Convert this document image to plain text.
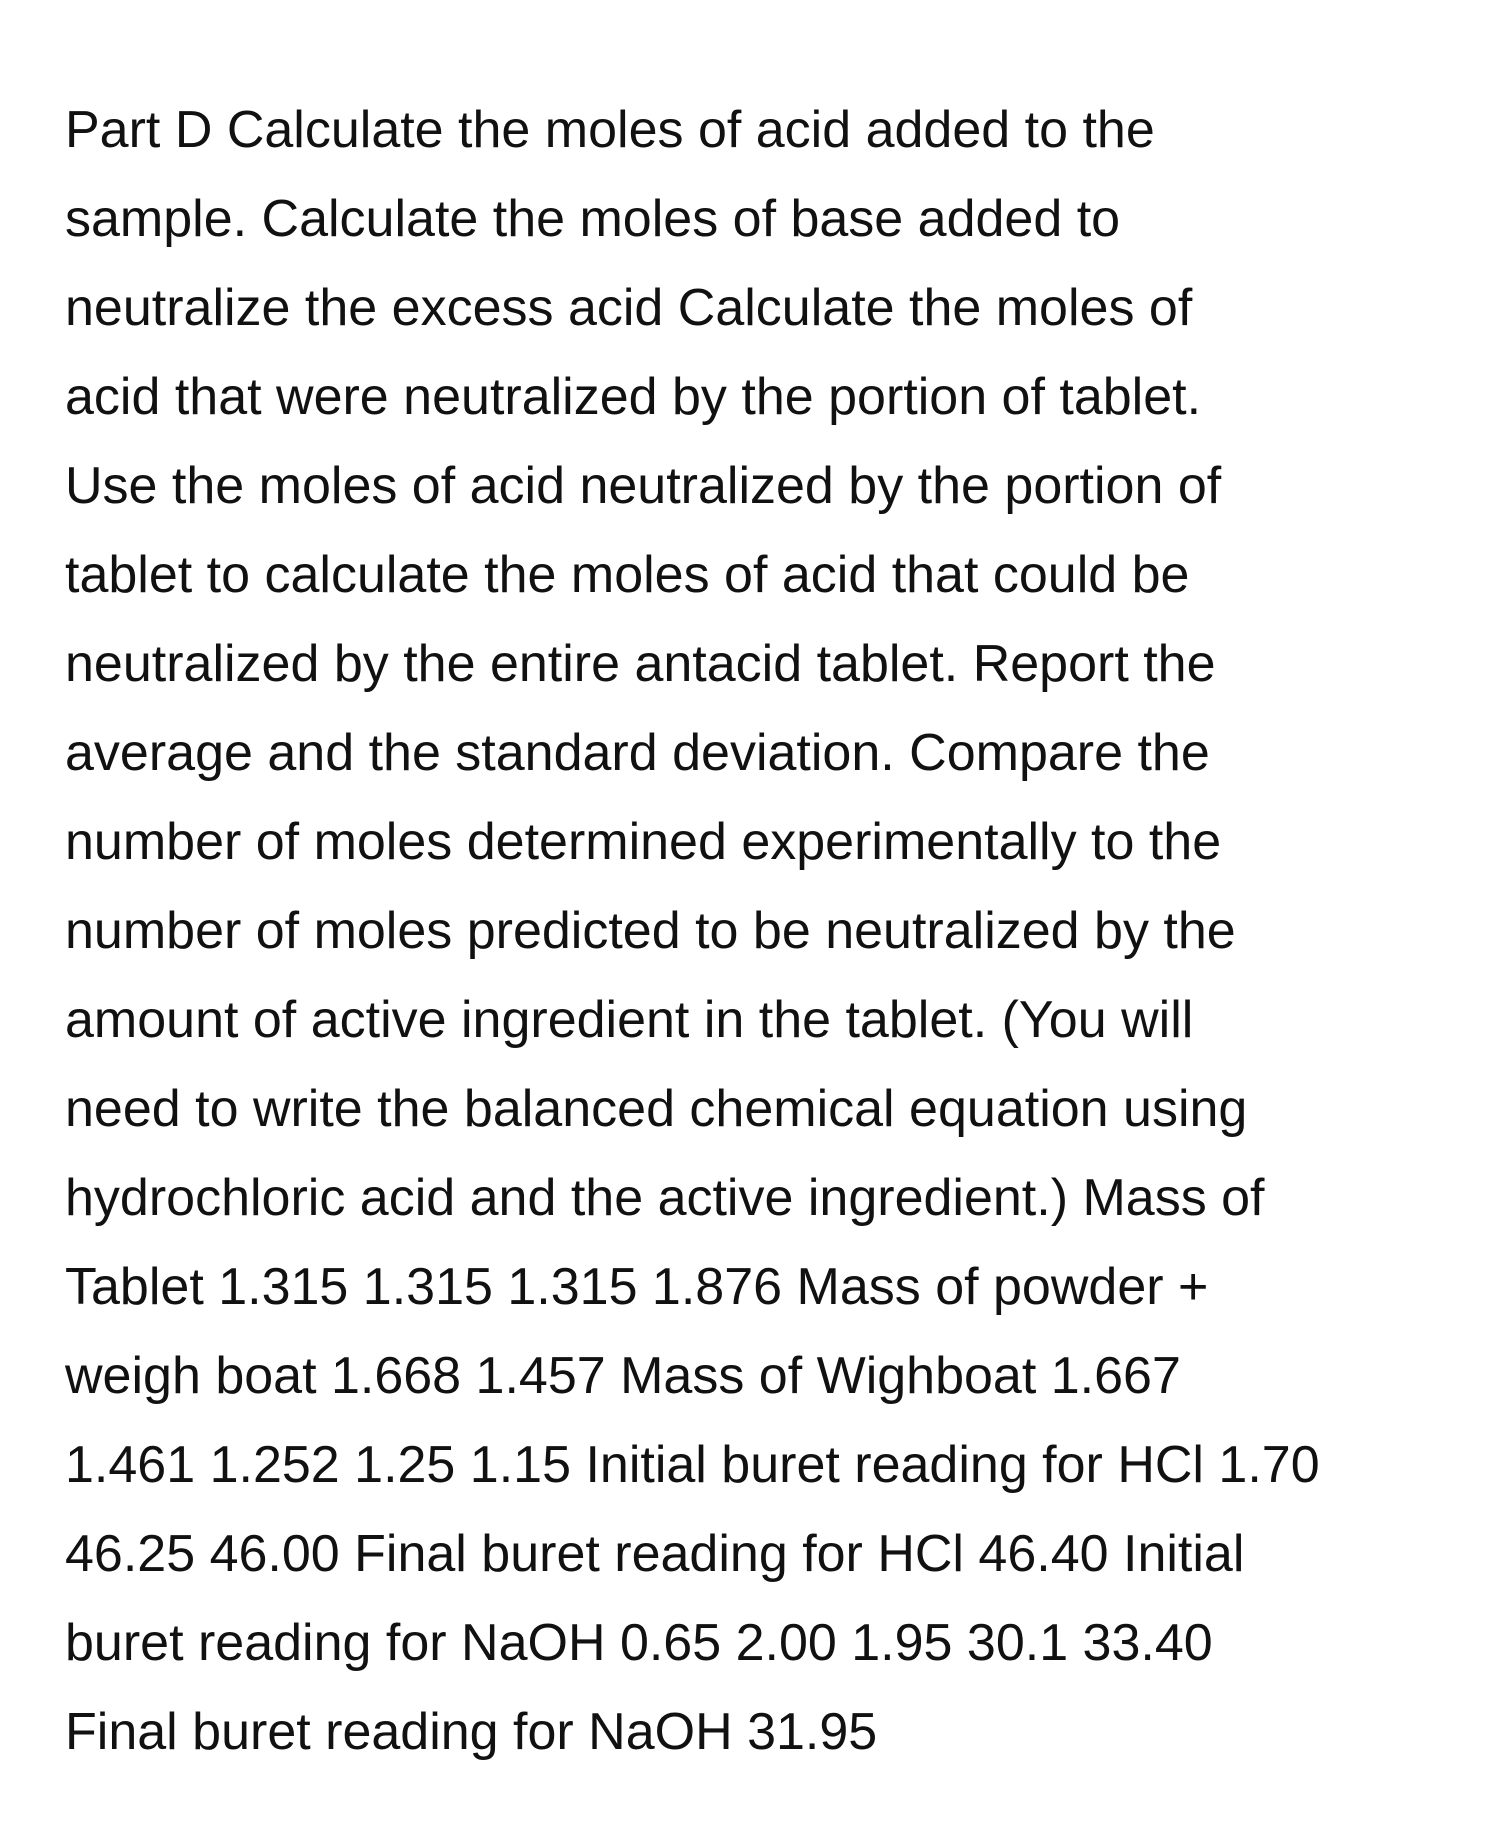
Part D Calculate the moles of acid added to the
sample. Calculate the moles of base added to
neutralize the excess acid Calculate the moles of
acid that were neutralized by the portion of tablet.
Use the moles of acid neutralized by the portion of
tablet to calculate the moles of acid that could be
neutralized by the entire antacid tablet. Report the
average and the standard deviation. Compare the
number of moles determined experimentally to the
number of moles predicted to be neutralized by the
amount of active ingredient in the tablet. (You will
need to write the balanced chemical equation using
hydrochloric acid and the active ingredient.) Mass of
Tablet 1.315 1.315 1.315 1.876 Mass of powder +
weigh boat 1.668 1.457 Mass of Wighboat 1.667
1.461 1.252 1.25 1.15 Initial buret reading for HCl 1.70
46.25 46.00 Final buret reading for HCl 46.40 Initial
buret reading for NaOH 0.65 2.00 1.95 30.1 33.40
Final buret reading for NaOH 31.95
